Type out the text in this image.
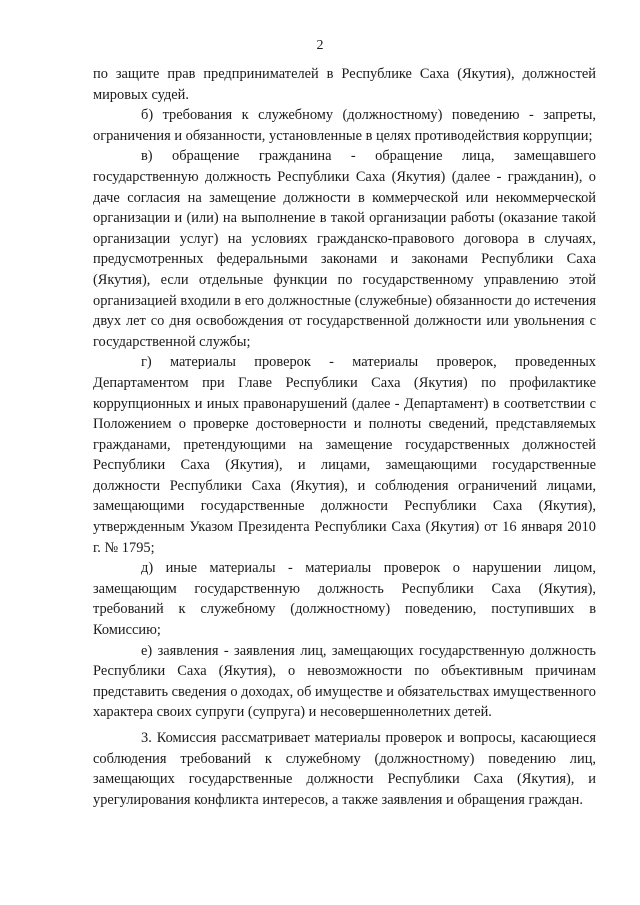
2

по защите прав предпринимателей в Республике Саха (Якутия), должностей мировых судей.

б) требования к служебному (должностному) поведению - запреты, ограничения и обязанности, установленные в целях противодействия коррупции;

в) обращение гражданина - обращение лица, замещавшего государственную должность Республики Саха (Якутия) (далее - гражданин), о даче согласия на замещение должности в коммерческой или некоммерческой организации и (или) на выполнение в такой организации работы (оказание такой организации услуг) на условиях гражданско-правового договора в случаях, предусмотренных федеральными законами и законами Республики Саха (Якутия), если отдельные функции по государственному управлению этой организацией входили в его должностные (служебные) обязанности до истечения двух лет со дня освобождения от государственной должности или увольнения с государственной службы;

г) материалы проверок - материалы проверок, проведенных Департаментом при Главе Республики Саха (Якутия) по профилактике коррупционных и иных правонарушений (далее - Департамент) в соответствии с Положением о проверке достоверности и полноты сведений, представляемых гражданами, претендующими на замещение государственных должностей Республики Саха (Якутия), и лицами, замещающими государственные должности Республики Саха (Якутия), и соблюдения ограничений лицами, замещающими государственные должности Республики Саха (Якутия), утвержденным Указом Президента Республики Саха (Якутия) от 16 января 2010 г. № 1795;

д) иные материалы - материалы проверок о нарушении лицом, замещающим государственную должность Республики Саха (Якутия), требований к служебному (должностному) поведению, поступивших в Комиссию;

е) заявления - заявления лиц, замещающих государственную должность Республики Саха (Якутия), о невозможности по объективным причинам представить сведения о доходах, об имуществе и обязательствах имущественного характера своих супруги (супруга) и несовершеннолетних детей.

3. Комиссия рассматривает материалы проверок и вопросы, касающиеся соблюдения требований к служебному (должностному) поведению лиц, замещающих государственные должности Республики Саха (Якутия), и урегулирования конфликта интересов, а также заявления и обращения граждан.
